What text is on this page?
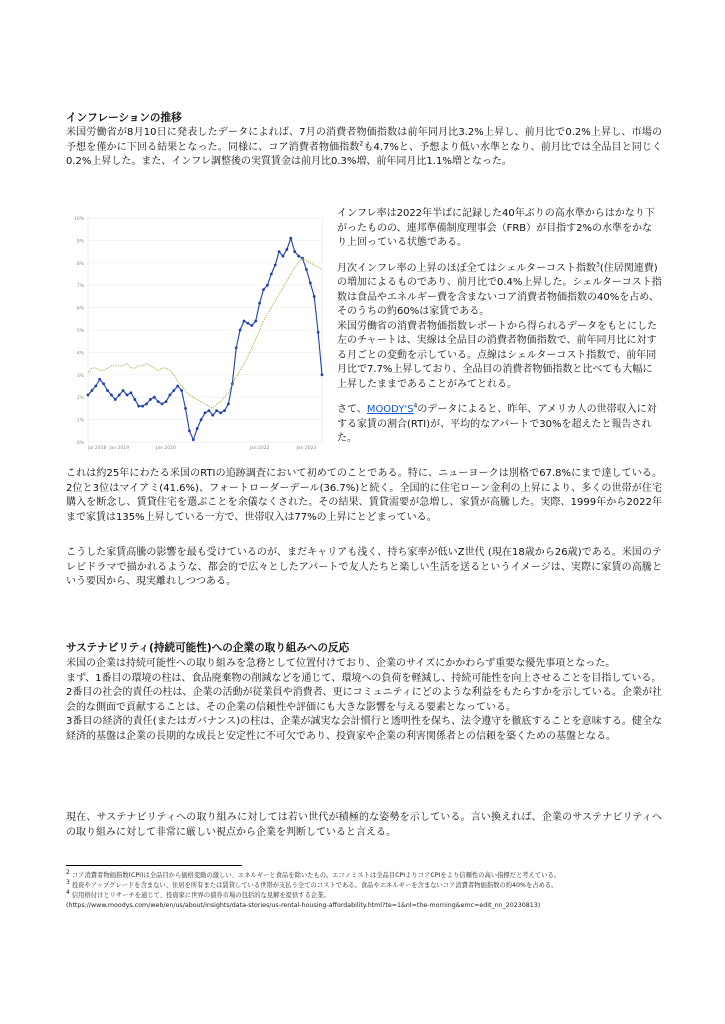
インフレーションの推移

米国労働省が8月10日に発表したデータによれば、7月の消費者物価指数は前年同月比3.2%上昇し、前月比で0.2%上昇し、市場の予想を僅かに下回る結果となった。同様に、コア消費者物価指数$^2$も4.7%と、予想より低い水準となり、前月比では全品目と同じく0.2%上昇した。また、インフレ調整後の実質賃金は前月比0.3%増、前年同月比1.1%増となった。

0%
1%
2%
3%
4%
5%
6%
7%
8%
9%
10%
Jul 2018 Jan 2019	Jan 2020	Jan 2022	Jan 2023

インフレ率は2022年半ばに記録した40年ぶりの高水準からはかなり下がったものの、連邦準備制度理事会（FRB）が目指す2%の水準をかなり上回っている状態である。

月次インフレ率の上昇のほぼ全てはシェルターコスト指数$^3$(住居関連費)の増加によるものであり、前月比で0.4%上昇した。シェルターコスト指数は食品やエネルギー費を含まないコア消費者物価指数の40%を占め、そのうちの約60%は家賃である。

米国労働省の消費者物価指数レポートから得られるデータをもとにした左のチャートは、実線は全品目の消費者物価指数で、前年同月比に対する月ごとの変動を示している。点線はシェルターコスト指数で、前年同月比で7.7%上昇しており、全品目の消費者物価指数と比べても大幅に上昇したままであることがみてとれる。

さて、$MOODY'S^4$のデータによると、昨年、アメリカ人の世帯収入に対する家賃の割合(RTI)が、平均的なアパートで30%を超えたと報告された。

これは約25年にわたる米国のRTIの追跡調査において初めてのことである。特に、ニューヨークは別格で67.8%にまで達している。2位と3位はマイアミ(41.6%)、フォートローダーデール(36.7%)と続く。全国的に住宅ローン金利の上昇により、多くの世帯が住宅購入を断念し、賃貸住宅を選ぶことを余儀なくされた。その結果、賃貸需要が急増し、家賃が高騰した。実際、1999年から2022年まで家賃は135%上昇している一方で、世帯収入は77%の上昇にとどまっている。
こうした家賃高騰の影響を最も受けているのが、まだキャリアも浅く、持ち家率が低いZ世代 (現在18歳から26歳)である。米国のテレビドラマで描かれるような、都会的で広々としたアパートで友人たちと楽しい生活を送るというイメージは、実際に家賃の高騰という要因から、現実離れしつつある。
サステナビリティ(持続可能性)への企業の取り組みへの反応

米国の企業は持続可能性への取り組みを急務として位置付けており、企業のサイズにかかわらず重要な優先事項となった。

まず、1番目の環境の柱は、食品廃棄物の削減などを通じて、環境への負荷を軽減し、持続可能性を向上させることを目指している。

2番目の社会的責任の柱は、企業の活動が従業員や消費者、更にコミュニティにどのような利益をもたらすかを示している。企業が社会的な側面で貢献することは、その企業の信頼性や評価にも大きな影響を与える要素となっている。

3番目の経済的責任(またはガバナンス)の柱は、企業が誠実な会計慣行と透明性を保ち、法令遵守を徹底することを意味する。健全な経済的基盤は企業の長期的な成長と安定性に不可欠であり、投資家や企業の利害関係者との信頼を築くための基盤となる。

現在、サステナビリティへの取り組みに対しては若い世代が積極的な姿勢を示している。言い換えれば、企業のサステナビリティへの取り組みに対して非常に厳しい視点から企業を判断していると言える。

$^2$ コア消費者物価指数(CPI)は全品目から価格変動の激しい、エネルギーと食品を除いたもの。エコノミストは全品目CPIよりコアCPIをより信頼性の高い指標だと考えている。

$^3$ 投資やアップグレードを含まない、住居を所有または賃貸している世帯が支払う全てのコストである。食品やエネルギーを含まないコア消費者物価指数の約40%を占める。

$^4$ 信用格付けとリサーチを通じて、投資家に世界の債券市場の包括的な見解を提供する企業。

(https://www.moodys.com/web/en/us/about/insights/data-stories/us-rental-housing-affordability.html?te=1&nl=the-morning&emc=edit_nn_20230813)
